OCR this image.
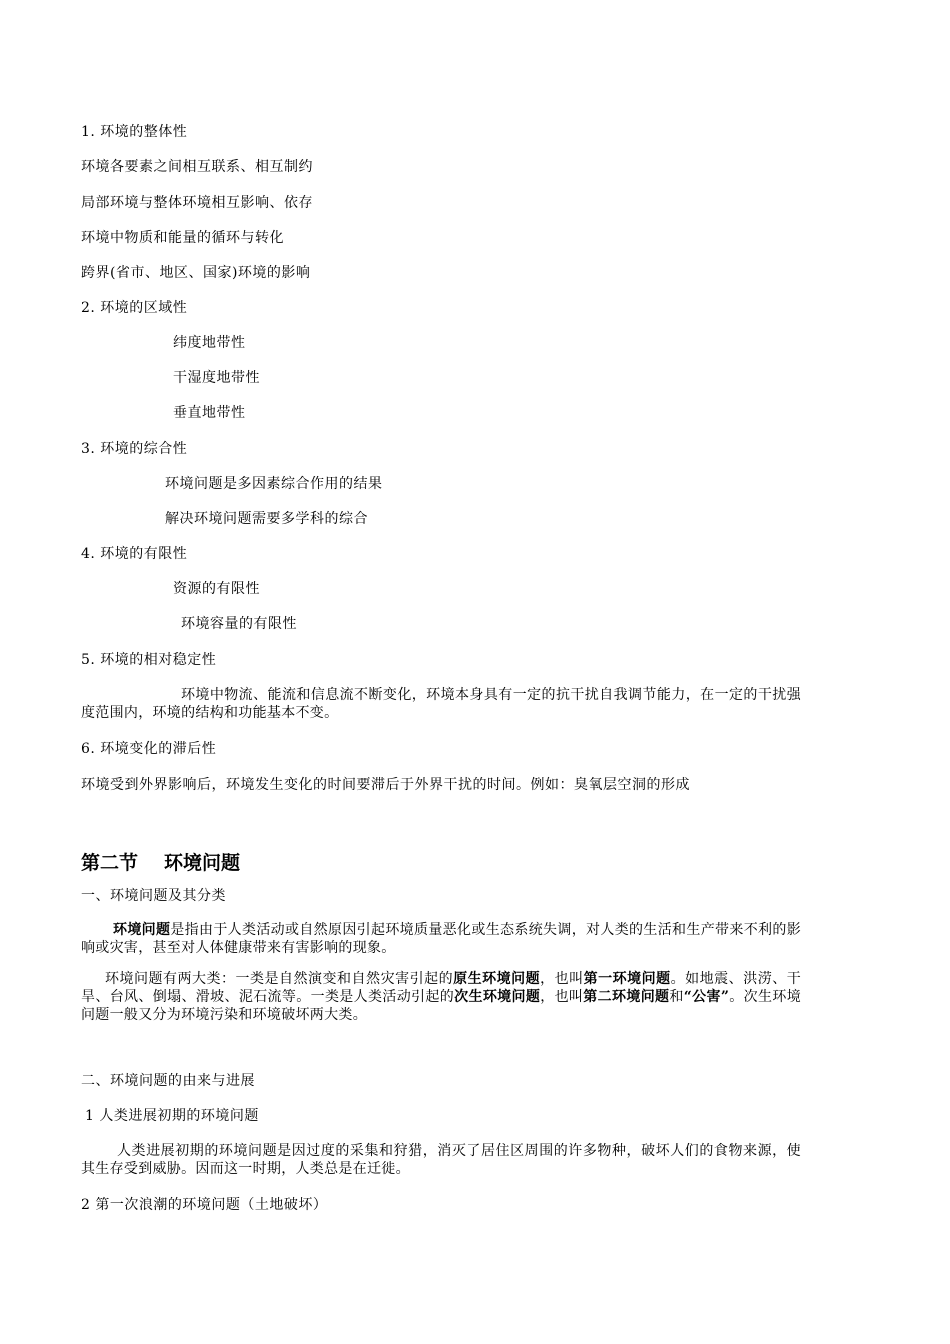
1. 环境的整体性
环境各要素之间相互联系、相互制约
局部环境与整体环境相互影响、依存
环境中物质和能量的循环与转化
跨界(省市、地区、国家)环境的影响
2. 环境的区域性
纬度地带性
干湿度地带性
垂直地带性
3. 环境的综合性
环境问题是多因素综合作用的结果
解决环境问题需要多学科的综合
4. 环境的有限性
资源的有限性
环境容量的有限性
5. 环境的相对稳定性
环境中物流、能流和信息流不断变化，环境本身具有一定的抗干扰自我调节能力，在一定的干扰强度范围内，环境的结构和功能基本不变。
6. 环境变化的滞后性
环境受到外界影响后，环境发生变化的时间要滞后于外界干扰的时间。例如：臭氧层空洞的形成
第二节 环境问题
一、环境问题及其分类
环境问题是指由于人类活动或自然原因引起环境质量恶化或生态系统失调，对人类的生活和生产带来不利的影响或灾害，甚至对人体健康带来有害影响的现象。
环境问题有两大类：一类是自然演变和自然灾害引起的原生环境问题，也叫第一环境问题。如地震、洪涝、干旱、台风、倒塌、滑坡、泥石流等。一类是人类活动引起的次生环境问题，也叫第二环境问题和“公害”。次生环境问题一般又分为环境污染和环境破坏两大类。
二、环境问题的由来与进展
1 人类进展初期的环境问题
人类进展初期的环境问题是因过度的采集和狩猎，消灭了居住区周围的许多物种，破坏人们的食物来源，使其生存受到威胁。因而这一时期，人类总是在迁徙。
2 第一次浪潮的环境问题（土地破坏）
